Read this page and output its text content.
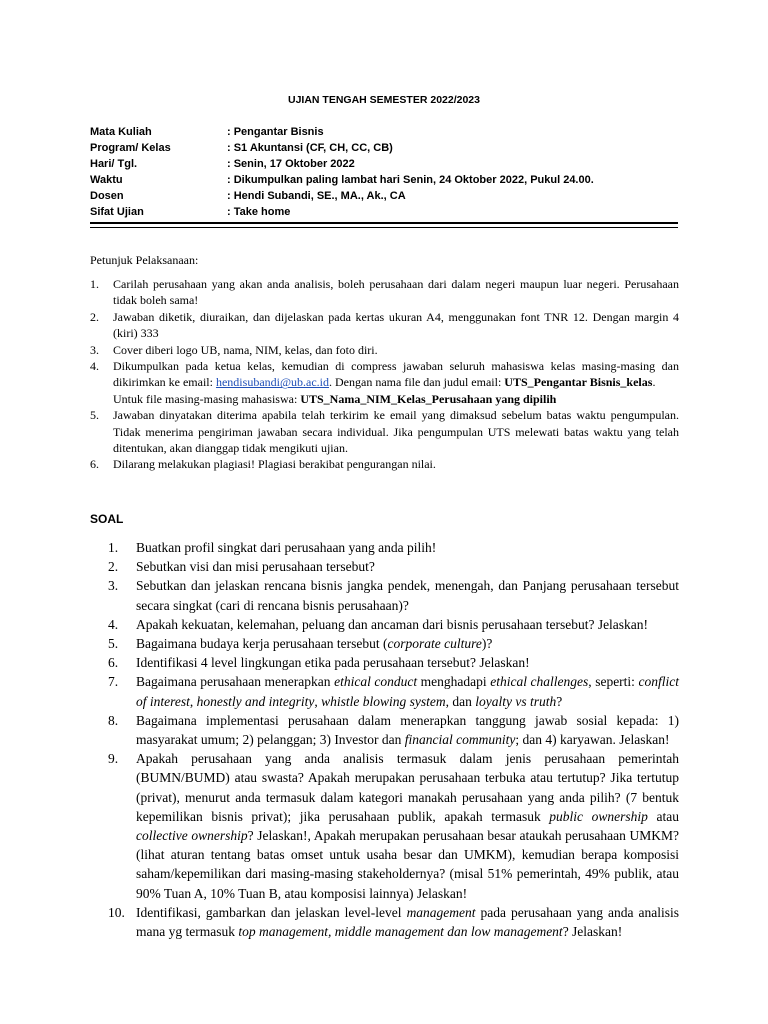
UJIAN TENGAH SEMESTER 2022/2023
Mata Kuliah	: Pengantar Bisnis
Program/ Kelas	: S1 Akuntansi (CF, CH, CC, CB)
Hari/ Tgl.	: Senin, 17 Oktober 2022
Waktu	: Dikumpulkan paling lambat hari Senin, 24 Oktober 2022, Pukul 24.00.
Dosen	: Hendi Subandi, SE., MA., Ak., CA
Sifat Ujian	: Take home
Petunjuk Pelaksanaan:
1.	Carilah perusahaan yang akan anda analisis, boleh perusahaan dari dalam negeri maupun luar negeri. Perusahaan tidak boleh sama!
2.	Jawaban diketik, diuraikan, dan dijelaskan pada kertas ukuran A4, menggunakan font TNR 12. Dengan margin 4 (kiri) 333
3.	Cover diberi logo UB, nama, NIM, kelas, dan foto diri.
4.	Dikumpulkan pada ketua kelas, kemudian di compress jawaban seluruh mahasiswa kelas masing-masing dan dikirimkan ke email: hendisubandi@ub.ac.id. Dengan nama file dan judul email: UTS_Pengantar Bisnis_kelas.
Untuk file masing-masing mahasiswa: UTS_Nama_NIM_Kelas_Perusahaan yang dipilih
5.	Jawaban dinyatakan diterima apabila telah terkirim ke email yang dimaksud sebelum batas waktu pengumpulan. Tidak menerima pengiriman jawaban secara individual. Jika pengumpulan UTS melewati batas waktu yang telah ditentukan, akan dianggap tidak mengikuti ujian.
6.	Dilarang melakukan plagiasi! Plagiasi berakibat pengurangan nilai.
SOAL
1.	Buatkan profil singkat dari perusahaan yang anda pilih!
2.	Sebutkan visi dan misi perusahaan tersebut?
3.	Sebutkan dan jelaskan rencana bisnis jangka pendek, menengah, dan Panjang perusahaan tersebut secara singkat (cari di rencana bisnis perusahaan)?
4.	Apakah kekuatan, kelemahan, peluang dan ancaman dari bisnis perusahaan tersebut? Jelaskan!
5.	Bagaimana budaya kerja perusahaan tersebut (corporate culture)?
6.	Identifikasi 4 level lingkungan etika pada perusahaan tersebut? Jelaskan!
7.	Bagaimana perusahaan menerapkan ethical conduct menghadapi ethical challenges, seperti: conflict of interest, honestly and integrity, whistle blowing system, dan loyalty vs truth?
8.	Bagaimana implementasi perusahaan dalam menerapkan tanggung jawab sosial kepada: 1) masyarakat umum; 2) pelanggan; 3) Investor dan financial community; dan 4) karyawan. Jelaskan!
9.	Apakah perusahaan yang anda analisis termasuk dalam jenis perusahaan pemerintah (BUMN/BUMD) atau swasta? Apakah merupakan perusahaan terbuka atau tertutup? Jika tertutup (privat), menurut anda termasuk dalam kategori manakah perusahaan yang anda pilih? (7 bentuk kepemilikan bisnis privat); jika perusahaan publik, apakah termasuk public ownership atau collective ownership? Jelaskan!, Apakah merupakan perusahaan besar ataukah perusahaan UMKM? (lihat aturan tentang batas omset untuk usaha besar dan UMKM), kemudian berapa komposisi saham/kepemilikan dari masing-masing stakeholdernya? (misal 51% pemerintah, 49% publik, atau 90% Tuan A, 10% Tuan B, atau komposisi lainnya) Jelaskan!
10. Identifikasi, gambarkan dan jelaskan level-level management pada perusahaan yang anda analisis mana yg termasuk top management, middle management dan low management? Jelaskan!
